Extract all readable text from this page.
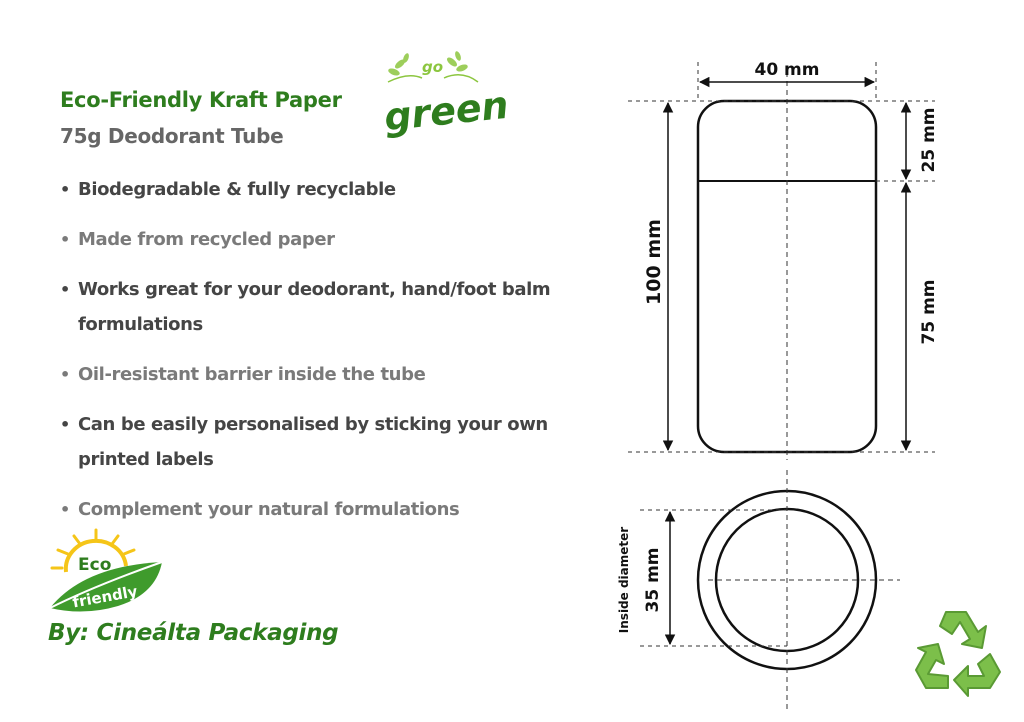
Eco-Friendly Kraft Paper
75g Deodorant Tube
go
green
• Biodegradable & fully recyclable
• Made from recycled paper
• Works great for your deodorant, hand/foot balm formulations
• Oil-resistant barrier inside the tube
• Can be easily personalised by sticking your own printed labels
• Complement your natural formulations
Eco
friendly
By: Cineálta Packaging
40 mm
100 mm
25 mm
75 mm
Inside diameter 35 mm
